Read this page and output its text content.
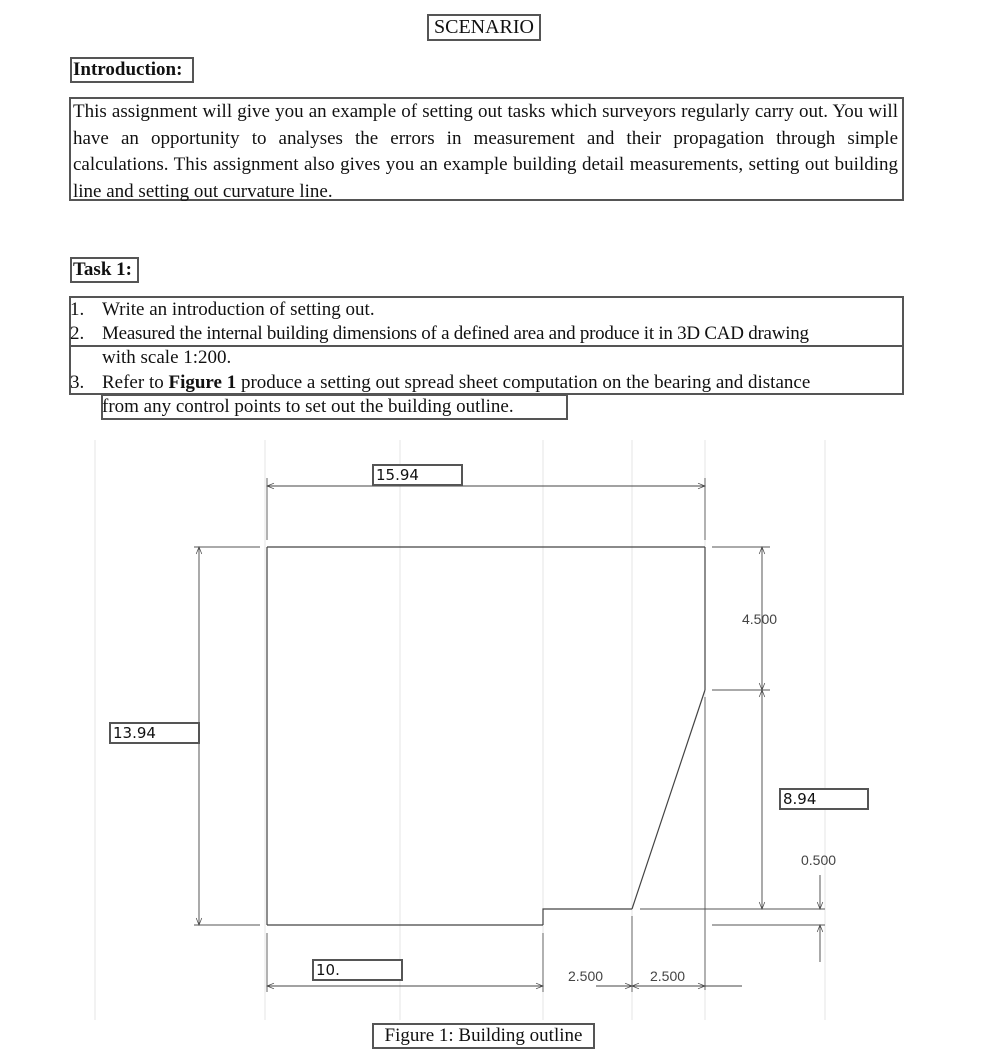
SCENARIO
Introduction:
This assignment will give you an example of setting out tasks which surveyors regularly carry out. You will have an opportunity to analyses the errors in measurement and their propagation through simple calculations. This assignment also gives you an example building detail measurements, setting out building line and setting out curvature line.
Task 1:
1. Write an introduction of setting out.
2. Measured the internal building dimensions of a defined area and produce it in 3D CAD drawing
with scale 1:200.
3. Refer to Figure 1 produce a setting out spread sheet computation on the bearing and distance
from any control points to set out the building outline.
4.500
0.500
2.500	2.500
15.94
13.94
8.94
10.
Figure 1: Building outline
